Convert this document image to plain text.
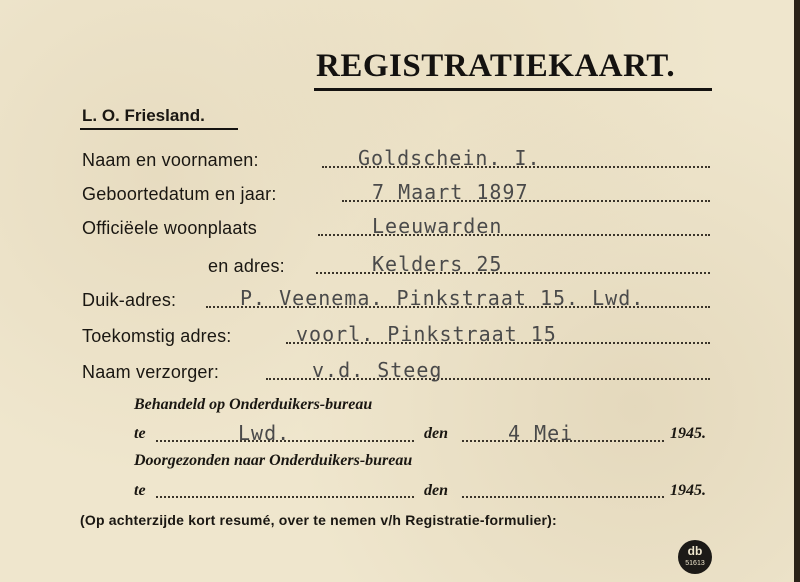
REGISTRATIEKAART.
L. O. Friesland.
Naam en voornamen:	Goldschein. I.
Geboortedatum en jaar:	7 Maart 1897
Officiëele woonplaats	Leeuwarden
en adres:	Kelders 25
Duik-adres:	P. Veenema. Pinkstraat 15. Lwd.
Toekomstig adres:	voorl. Pinkstraat 15
Naam verzorger:	v.d. Steeg
Behandeld op Onderduikers-bureau
te	Lwd.	den	4 Mei	1945.
Doorgezonden naar Onderduikers-bureau
te	den	1945.
(Op achterzijde kort resumé, over te nemen v/h Registratie-formulier):
db
51613
